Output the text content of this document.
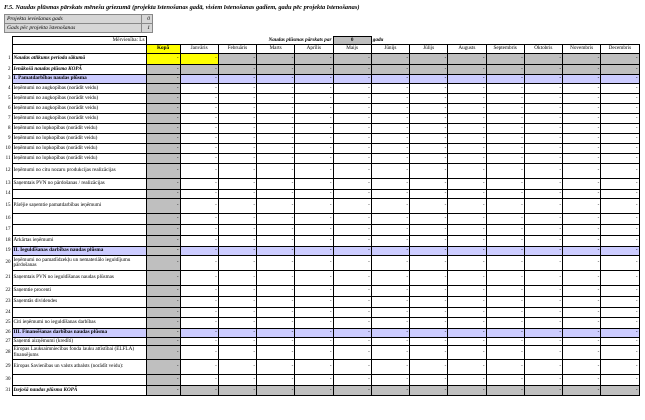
F.5. Naudas plūsmas pārskats mēnešu griezumā (projekta īstenošanas gadā, visiem īstenošanas gadiem, gadu pēc projekta īstenošanas)
Projekta ieviešanas gads	0
Gads pēc projekta īstenošanas	1
	Mērvienība: Ls		Naudas plūsmas pārskats par				0	gadu						
		Kopā	Janvāris	Februāris	Marts	Aprīlis	Maijs	Jūnijs	Jūlijs	Augusts	Septembris	Oktobris	Novembris	Decembris
1	Naudas atlikums perioda sākumā	-	-	-	-	-	-	-	-	-	-	-	-	-
2	Ienākošā naudas plūsma KOPĀ	-	-	-	-	-	-	-	-	-	-	-	-	-
3	I. Pamatdarbības naudas plūsma	-	-	-	-	-	-	-	-	-	-	-	-	-
4	Ieņēmumi no augkopības (norādīt veidu)	-	-	-	-	-	-	-	-	-	-	-	-	-
5	Ieņēmumi no augkopības (norādīt veidu)	-	-	-	-	-	-	-	-	-	-	-	-	-
6	Ieņēmumi no augkopības (norādīt veidu)	-	-	-	-	-	-	-	-	-	-	-	-	-
7	Ieņēmumi no augkopības (norādīt veidu)	-	-	-	-	-	-	-	-	-	-	-	-	-
8	Ieņēmumi no lopkopības (norādīt veidu)	-	-	-	-	-	-	-	-	-	-	-	-	-
9	Ieņēmumi no lopkopības (norādīt veidu)	-	-	-	-	-	-	-	-	-	-	-	-	-
10	Ieņēmumi no lopkopības (norādīt veidu)	-	-	-	-	-	-	-	-	-	-	-	-	-
11	Ieņēmumi no lopkopības (norādīt veidu)	-	-	-	-	-	-	-	-	-	-	-	-	-
12	Ieņēmumi no citu nozaru produkcijas realizācijas	-	-	-	-	-	-	-	-	-	-	-	-	-
13	Saņemtais PVN no pārdošanas / realizācijas	-	-	-	-	-	-	-	-	-	-	-	-	-
14		-	-	-	-	-	-	-	-	-	-	-	-	-
15	Pārējie saņemtie pamatdarbības ieņēmumi	-	-	-	-	-	-	-	-	-	-	-	-	-
16		-	-	-	-	-	-	-	-	-	-	-	-	-
17		-	-	-	-	-	-	-	-	-	-	-	-	-
18	Ārkārtas ieņēmumi	-	-	-	-	-	-	-	-	-	-	-	-	-
19	II. Ieguldīšanas darbības naudas plūsma	-	-	-	-	-	-	-	-	-	-	-	-	-
20	Ieņēmumi no pamatlīdzekļu un nemateriālo ieguldījumu pārdošanas	-	-	-	-	-	-	-	-	-	-	-	-	-
21	Saņemtais PVN no ieguldīšanas naudas plūsmas	-	-	-	-	-	-	-	-	-	-	-	-	-
22	Saņemtie procenti	-	-	-	-	-	-	-	-	-	-	-	-	-
23	Saņemtās dividendes	-	-	-	-	-	-	-	-	-	-	-	-	-
24		-	-	-	-	-	-	-	-	-	-	-	-	-
25	Citi ieņēmumi no ieguldīšanas darbības	-	-	-	-	-	-	-	-	-	-	-	-	-
26	III. Finansēšanas darbības naudas plūsma	-	-	-	-	-	-	-	-	-	-	-	-	-
27	Saņemti aizņēmumi (kredīti)	-	-	-	-	-	-	-	-	-	-	-	-	-
28	Eiropas Lauksaimniecības fonda lauku attīstībai (ELFLA) finansējums	-	-	-	-	-	-	-	-	-	-	-	-	-
29	Eiropas Savienības un valsts atbalsts (norādīt veidu):	-	-	-	-	-	-	-	-	-	-	-	-	-
30		-	-	-	-	-	-	-	-	-	-	-	-	-
31	Izejošā naudas plūsma KOPĀ	-	-	-	-	-	-	-	-	-	-	-	-	-
